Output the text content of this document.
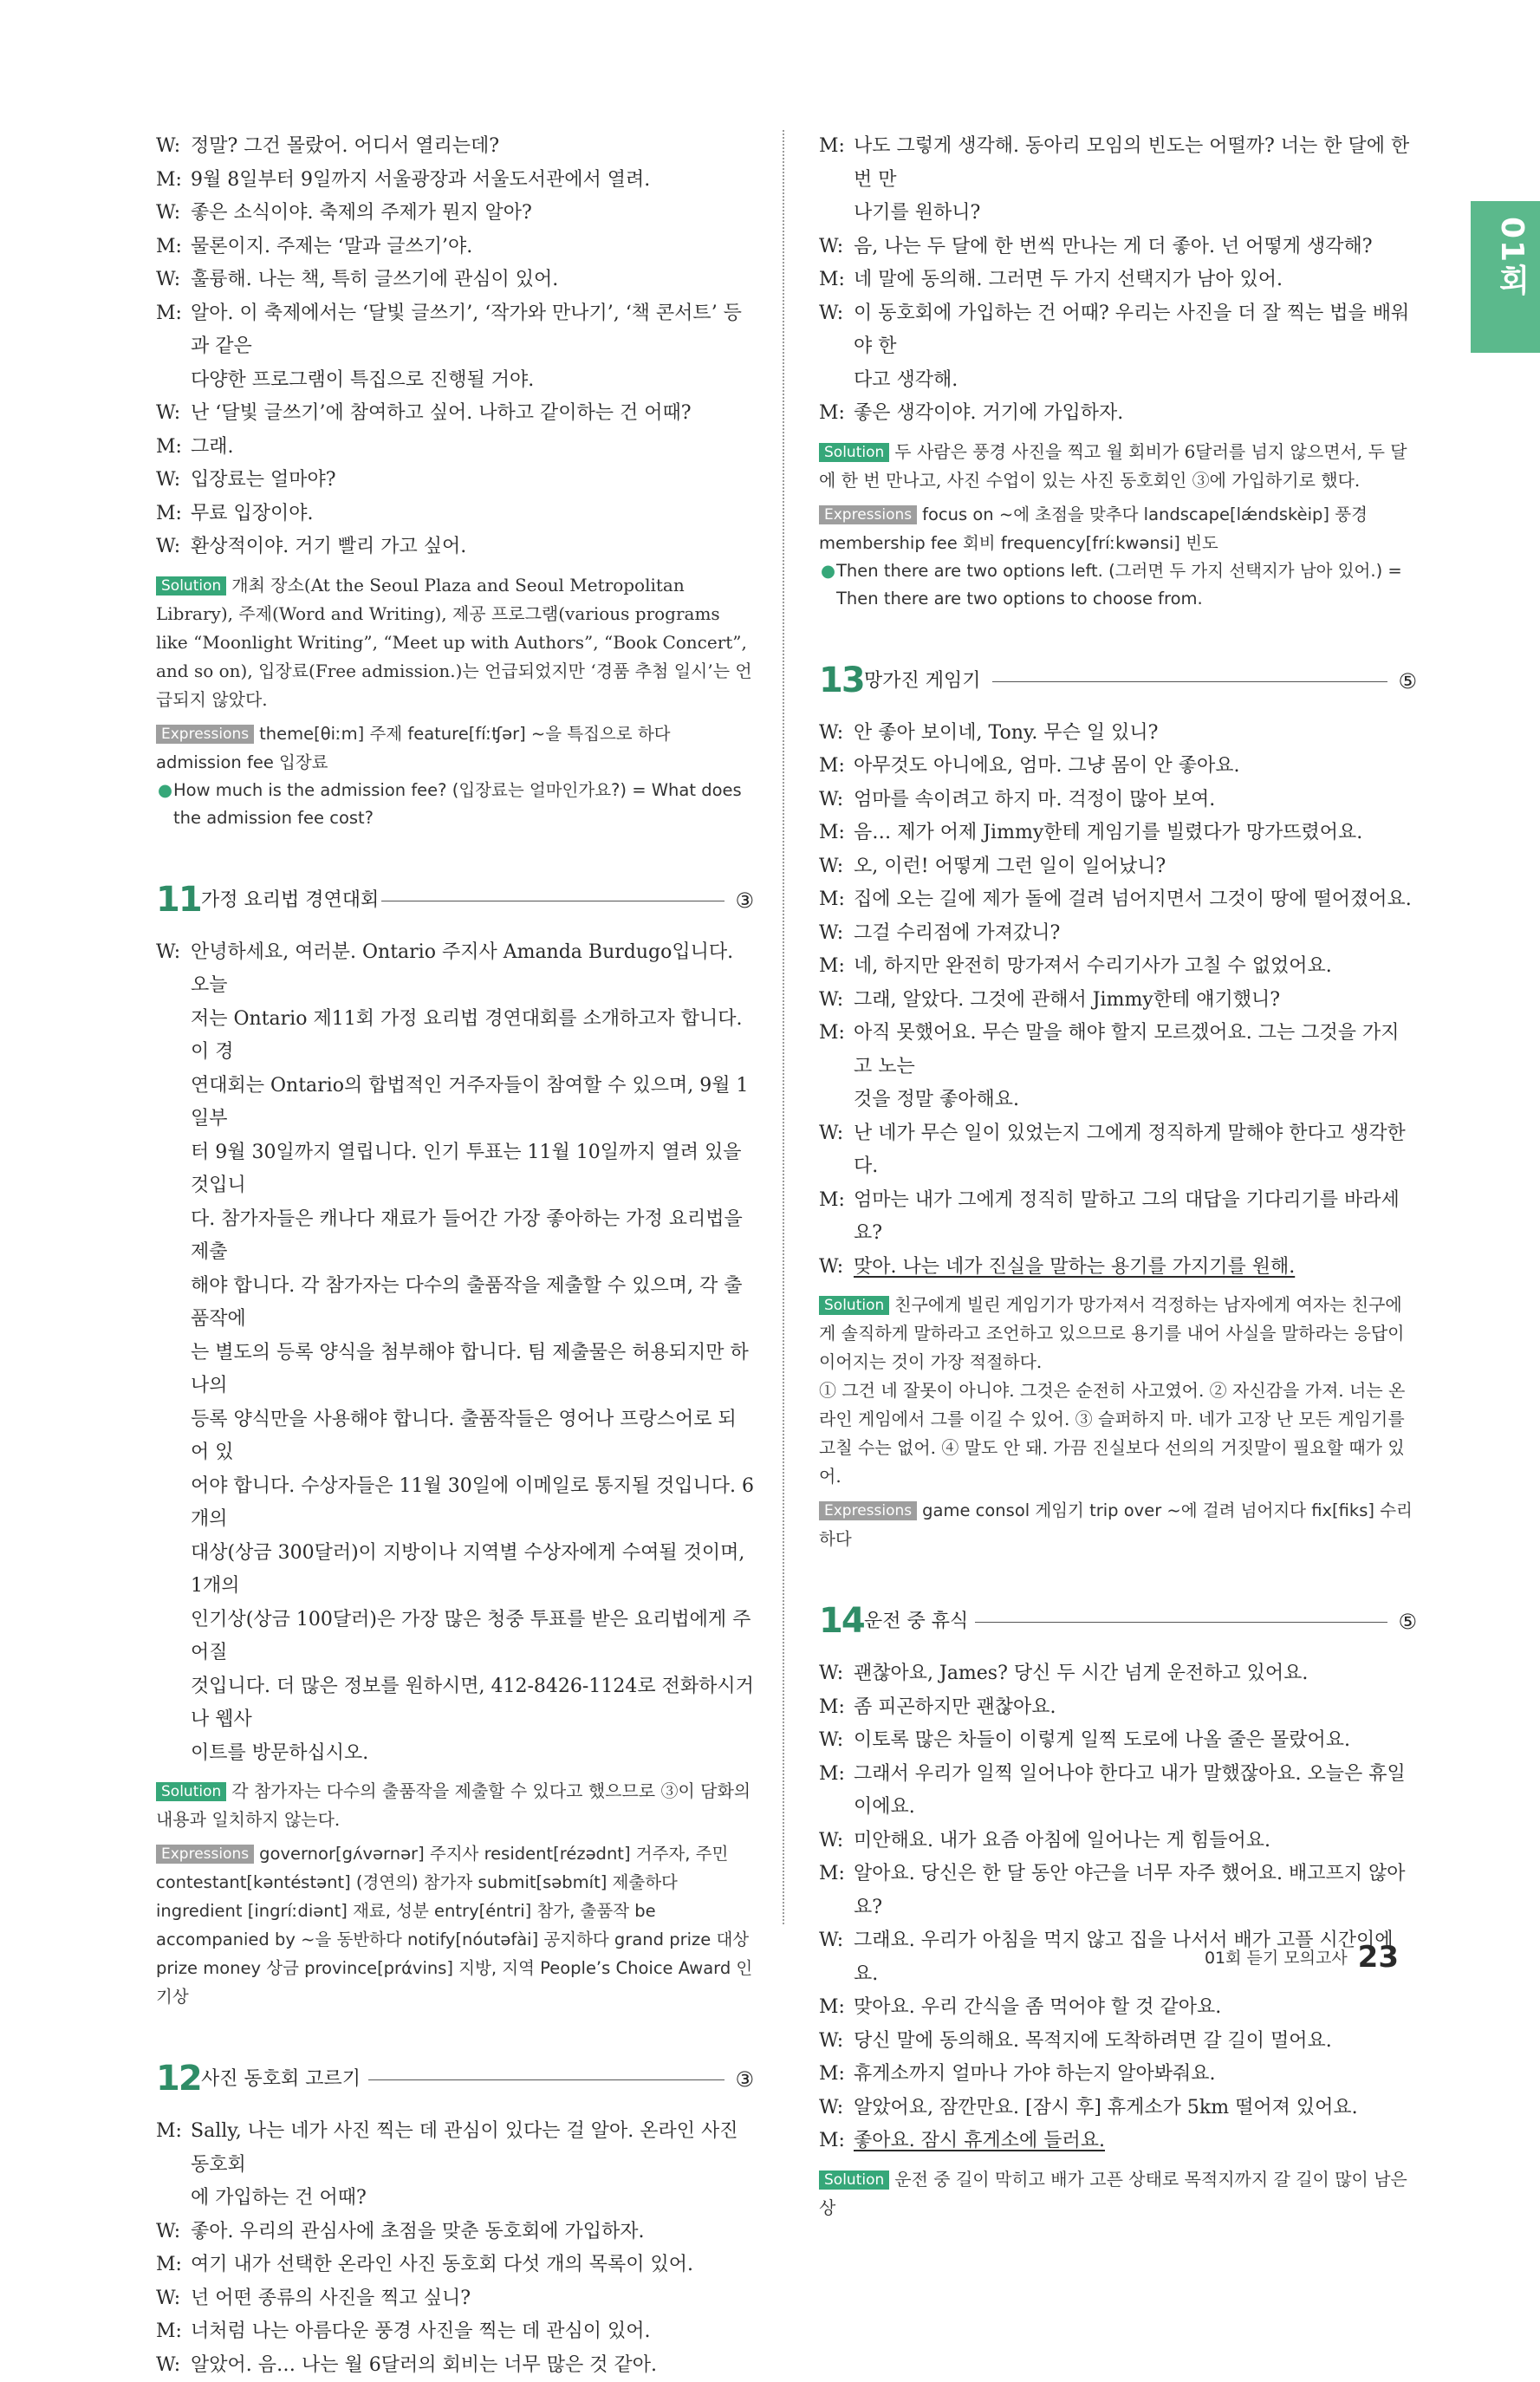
01회
W: 정말? 그건 몰랐어. 어디서 열리는데?
M: 9월 8일부터 9일까지 서울광장과 서울도서관에서 열려.
W: 좋은 소식이야. 축제의 주제가 뭔지 알아?
M: 물론이지. 주제는 ‘말과 글쓰기’야.
W: 훌륭해. 나는 책, 특히 글쓰기에 관심이 있어.
M: 알아. 이 축제에서는 ‘달빛 글쓰기’, ‘작가와 만나기’, ‘책 콘서트’ 등과 같은
다양한 프로그램이 특집으로 진행될 거야.
W: 난 ‘달빛 글쓰기’에 참여하고 싶어. 나하고 같이하는 건 어때?
M: 그래.
W: 입장료는 얼마야?
M: 무료 입장이야.
W: 환상적이야. 거기 빨리 가고 싶어.
Solution 개최 장소(At the Seoul Plaza and Seoul Metropolitan Library), 주제(Word and Writing), 제공 프로그램(various programs like “Moonlight Writing”, “Meet up with Authors”, “Book Concert”, and so on), 입장료(Free admission.)는 언급되었지만 ‘경품 추첨 일시’는 언급되지 않았다.
Expressions theme[θiːm] 주제 feature[fíːʧər] ~을 특집으로 하다 admission fee 입장료
● How much is the admission fee? (입장료는 얼마인가요?) = What does the admission fee cost?
11 가정 요리법 경연대회	③
W: 안녕하세요, 여러분. Ontario 주지사 Amanda Burdugo입니다. 오늘
저는 Ontario 제11회 가정 요리법 경연대회를 소개하고자 합니다. 이 경
연대회는 Ontario의 합법적인 거주자들이 참여할 수 있으며, 9월 1일부
터 9월 30일까지 열립니다. 인기 투표는 11월 10일까지 열려 있을 것입니
다. 참가자들은 캐나다 재료가 들어간 가장 좋아하는 가정 요리법을 제출
해야 합니다. 각 참가자는 다수의 출품작을 제출할 수 있으며, 각 출품작에
는 별도의 등록 양식을 첨부해야 합니다. 팀 제출물은 허용되지만 하나의
등록 양식만을 사용해야 합니다. 출품작들은 영어나 프랑스어로 되어 있
어야 합니다. 수상자들은 11월 30일에 이메일로 통지될 것입니다. 6개의
대상(상금 300달러)이 지방이나 지역별 수상자에게 수여될 것이며, 1개의
인기상(상금 100달러)은 가장 많은 청중 투표를 받은 요리법에게 주어질
것입니다. 더 많은 정보를 원하시면, 412-8426-1124로 전화하시거나 웹사
이트를 방문하십시오.
Solution 각 참가자는 다수의 출품작을 제출할 수 있다고 했으므로 ③이 담화의 내용과 일치하지 않는다.
Expressions governor[gʌ́vərnər] 주지사 resident[rézədnt] 거주자, 주민 contestant[kəntéstənt] (경연의) 참가자 submit[səbmít] 제출하다 ingredient [ingríːdiənt] 재료, 성분 entry[éntri] 참가, 출품작 be accompanied by ~을 동반하다 notify[nóutəfài] 공지하다 grand prize 대상 prize money 상금 province[prάvins] 지방, 지역 People’s Choice Award 인기상
12 사진 동호회 고르기	③
M: Sally, 나는 네가 사진 찍는 데 관심이 있다는 걸 알아. 온라인 사진 동호회
에 가입하는 건 어때?
W: 좋아. 우리의 관심사에 초점을 맞춘 동호회에 가입하자.
M: 여기 내가 선택한 온라인 사진 동호회 다섯 개의 목록이 있어.
W: 넌 어떤 종류의 사진을 찍고 싶니?
M: 너처럼 나는 아름다운 풍경 사진을 찍는 데 관심이 있어.
W: 알았어. 음… 나는 월 6달러의 회비는 너무 많은 것 같아.
M: 나도 그렇게 생각해. 동아리 모임의 빈도는 어떨까? 너는 한 달에 한 번 만
나기를 원하니?
W: 음, 나는 두 달에 한 번씩 만나는 게 더 좋아. 넌 어떻게 생각해?
M: 네 말에 동의해. 그러면 두 가지 선택지가 남아 있어.
W: 이 동호회에 가입하는 건 어때? 우리는 사진을 더 잘 찍는 법을 배워야 한
다고 생각해.
M: 좋은 생각이야. 거기에 가입하자.
Solution 두 사람은 풍경 사진을 찍고 월 회비가 6달러를 넘지 않으면서, 두 달에 한 번 만나고, 사진 수업이 있는 사진 동호회인 ③에 가입하기로 했다.
Expressions focus on ~에 초점을 맞추다 landscape[lǽndskèip] 풍경 membership fee 회비 frequency[fríːkwənsi] 빈도
● Then there are two options left. (그러면 두 가지 선택지가 남아 있어.) = Then there are two options to choose from.
13 망가진 게임기	⑤
W: 안 좋아 보이네, Tony. 무슨 일 있니?
M: 아무것도 아니에요, 엄마. 그냥 몸이 안 좋아요.
W: 엄마를 속이려고 하지 마. 걱정이 많아 보여.
M: 음… 제가 어제 Jimmy한테 게임기를 빌렸다가 망가뜨렸어요.
W: 오, 이런! 어떻게 그런 일이 일어났니?
M: 집에 오는 길에 제가 돌에 걸려 넘어지면서 그것이 땅에 떨어졌어요.
W: 그걸 수리점에 가져갔니?
M: 네, 하지만 완전히 망가져서 수리기사가 고칠 수 없었어요.
W: 그래, 알았다. 그것에 관해서 Jimmy한테 얘기했니?
M: 아직 못했어요. 무슨 말을 해야 할지 모르겠어요. 그는 그것을 가지고 노는
것을 정말 좋아해요.
W: 난 네가 무슨 일이 있었는지 그에게 정직하게 말해야 한다고 생각한다.
M: 엄마는 내가 그에게 정직히 말하고 그의 대답을 기다리기를 바라세요?
W: 맞아. 나는 네가 진실을 말하는 용기를 가지기를 원해.
Solution 친구에게 빌린 게임기가 망가져서 걱정하는 남자에게 여자는 친구에게 솔직하게 말하라고 조언하고 있으므로 용기를 내어 사실을 말하라는 응답이 이어지는 것이 가장 적절하다.
① 그건 네 잘못이 아니야. 그것은 순전히 사고였어. ② 자신감을 가져. 너는 온라인 게임에서 그를 이길 수 있어. ③ 슬퍼하지 마. 네가 고장 난 모든 게임기를 고칠 수는 없어. ④ 말도 안 돼. 가끔 진실보다 선의의 거짓말이 필요할 때가 있어.
Expressions game consol 게임기 trip over ~에 걸려 넘어지다 fix[fiks] 수리하다
14 운전 중 휴식	⑤
W: 괜찮아요, James? 당신 두 시간 넘게 운전하고 있어요.
M: 좀 피곤하지만 괜찮아요.
W: 이토록 많은 차들이 이렇게 일찍 도로에 나올 줄은 몰랐어요.
M: 그래서 우리가 일찍 일어나야 한다고 내가 말했잖아요. 오늘은 휴일이에요.
W: 미안해요. 내가 요즘 아침에 일어나는 게 힘들어요.
M: 알아요. 당신은 한 달 동안 야근을 너무 자주 했어요. 배고프지 않아요?
W: 그래요. 우리가 아침을 먹지 않고 집을 나서서 배가 고플 시간이에요.
M: 맞아요. 우리 간식을 좀 먹어야 할 것 같아요.
W: 당신 말에 동의해요. 목적지에 도착하려면 갈 길이 멀어요.
M: 휴게소까지 얼마나 가야 하는지 알아봐줘요.
W: 알았어요, 잠깐만요. [잠시 후] 휴게소가 5km 떨어져 있어요.
M: 좋아요. 잠시 휴게소에 들러요.
Solution 운전 중 길이 막히고 배가 고픈 상태로 목적지까지 갈 길이 많이 남은 상
01회 듣기 모의고사 23
